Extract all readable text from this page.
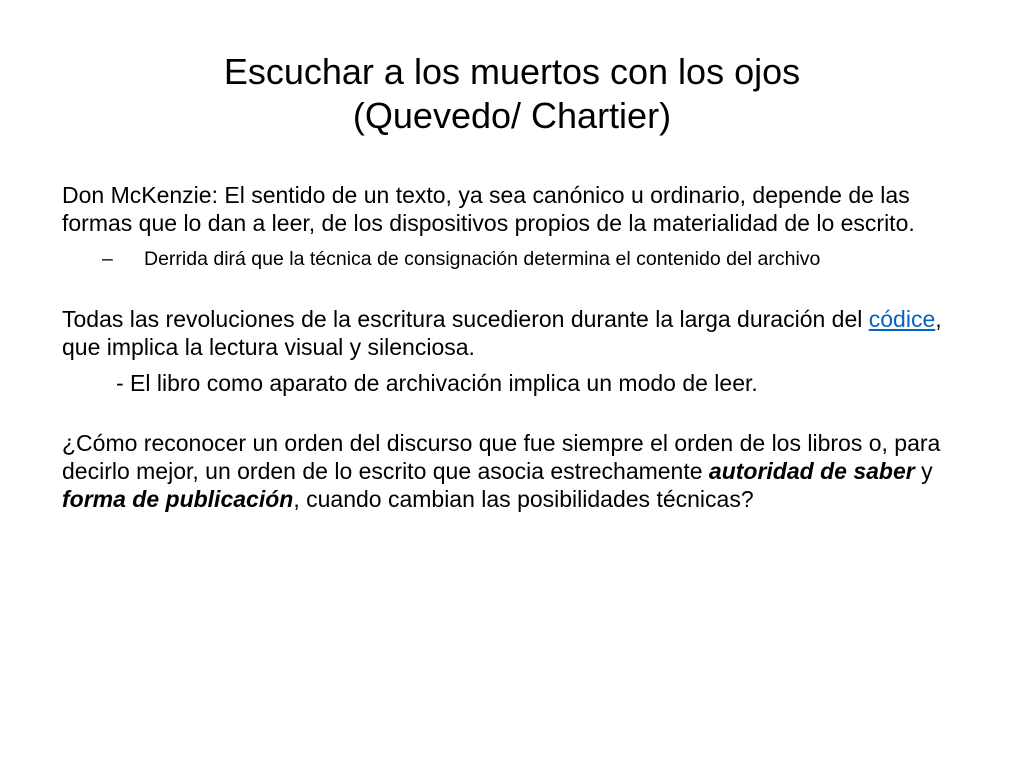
Escuchar a los muertos con los ojos
(Quevedo/ Chartier)

Don McKenzie: El sentido de un texto, ya sea canónico u ordinario, depende de las formas que lo dan a leer, de los dispositivos propios de la materialidad de lo escrito.

– Derrida dirá que la técnica de consignación determina el contenido del archivo

Todas las revoluciones de la escritura sucedieron durante la larga duración del códice, que implica la lectura visual y silenciosa.

- El libro como aparato de archivación implica un modo de leer.

¿Cómo reconocer un orden del discurso que fue siempre el orden de los libros o, para decirlo mejor, un orden de lo escrito que asocia estrechamente autoridad de saber y forma de publicación, cuando cambian las posibilidades técnicas?
